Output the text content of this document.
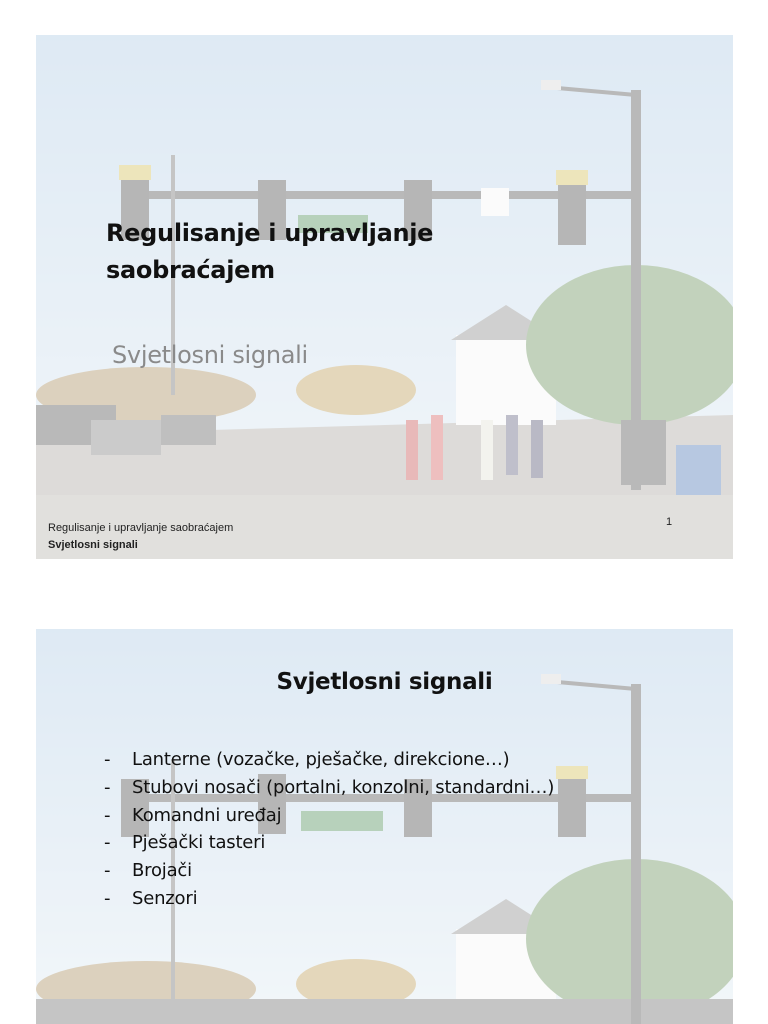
Regulisanje i upravljanje saobraćajem
Svjetlosni signali
Regulisanje i upravljanje saobraćajem
Svjetlosni signali
1
Svjetlosni signali
- Lanterne (vozačke, pješačke, direkcione…)
- Stubovi nosači (portalni, konzolni, standardni…)
- Komandni uređaj
- Pješački tasteri
- Brojači
- Senzori
